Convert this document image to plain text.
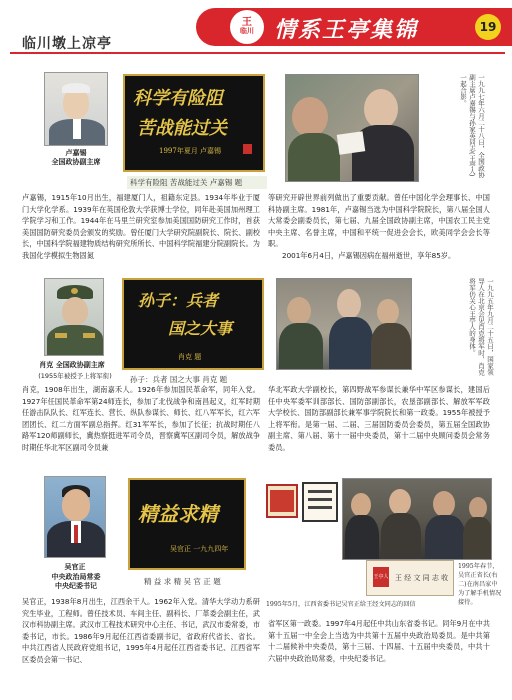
临川墩上凉亭
王
临川 情系王亭集锦	19
卢嘉锡
全国政协副主席
科学有险阻
苦战能过关
1997年夏月 卢嘉锡
科学有险阻 苦战能过关 卢嘉锡 题
一九九七年六月二十八日，全国政协副主席卢嘉锡与孙家英同志(王亭人)一起合影。
卢嘉锡，1915年10月出生，福建厦门人，祖籍东定县。1934年毕业于厦门大学化学系。1939年在英国伦敦大学获博士学位，同年赴美国加州理工学院学习和工作。1944年在马里兰研究室参加美国国防研究工作时，首获美国国防研究委员会颁发的奖励。曾任厦门大学研究院副院长、院长、副校长，中国科学院福建物质结构研究所所长、中国科学院福建分院副院长。为我国化学模拟生物固氮
等研究开辟世界前列做出了重要贡献。曾任中国化学会理事长、中国科协副主席。1981年，卢嘉锡当选为中国科学院院长，第八届全国人大常委会副委员长，第七届、九届全国政协副主席，中国农工民主党中央主席、名誉主席，中国和平统一促进会会长，欧美同学会会长等职。
2001年6月4日，卢嘉锡因病在福州逝世，享年85岁。
肖克 全国政协副主席
(1955年被授予上将军衔)
孙子：兵者
国之大事
肖克 题
孙子：兵者 国之大事 肖克 题
一九九五年九月二十五日，国家领导人在北京会见肖克将军时，肖克将军仍关心王亭人的身体。
肖克，1908年出生，湖南嘉禾人。1926年参加国民革命军，同年入党。1927年任国民革命军第24师连长，参加了北伐战争和南昌起义，红军时期任游击队队长、红军连长、营长、纵队参谋长、师长、红八军军长，红六军团团长、红二方面军副总指挥。红31军军长，参加了长征；抗战时期任八路军120师副师长，冀热察挺进军司令员，晋察冀军区副司令员，解放战争时期任华北军区副司令员兼
华北军政大学副校长，第四野战军参谋长兼华中军区参谋长，建国后任中央军委军训部部长、国防部副部长，农垦部副部长、解放军军政大学校长、国防部副部长兼军事学院院长和第一政委。1955年被授予上将军衔。是第一届、二届、三届国防委员会委员，第五届全国政协副主席、第八届、第十一届中央委员，第十二届中央顾问委员会常务委员。
吴官正
中央政治局常委
中央纪委书记
精益求精
吴官正 一九九四年
精 益 求 精 吴 官 正 题	王亭人 王 经 文 同 志 收
1995年春节，吴官正省长(右二)在南昌家中为了解手机情况接待。
1995年5月，江西省委书记吴官正给王经文同志的回信
吴官正，1938年8月出生，江西余干人。1962年入党。清华大学动力系研究生毕业，工程师。曾任技术员、车间主任、副科长、厂革委会副主任，武汉市科协副主席。武汉市工程技术研究中心主任、书记，武汉市委常委，市委书记，市长。1986年9月起任江西省委副书记，省政府代省长、省长。中共江西省人民政府党组书记，1995年4月起任江西省委书记、江西省军区委员会第一书记、
省军区第一政委。1997年4月起任中共山东省委书记。同年9月在中共第十五届一中全会上当选为中共第十五届中央政治局委员。是中共第十二届候补中央委员，第十三届、十四届、十五届中央委员，中共十六届中央政治局常委，中央纪委书记。
